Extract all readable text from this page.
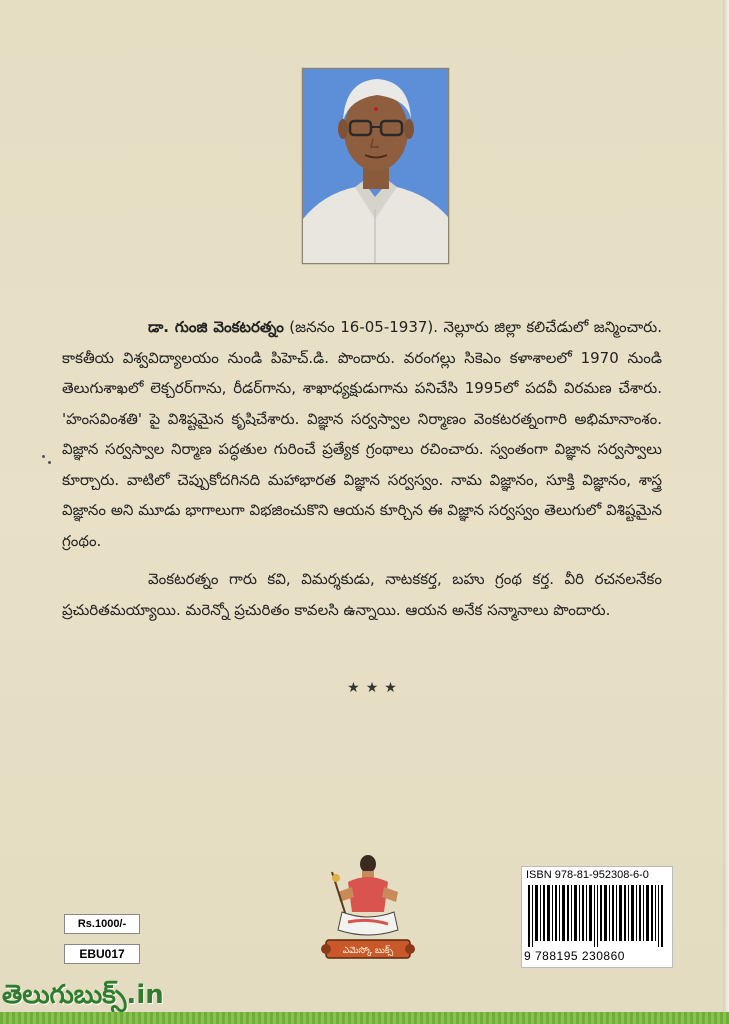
డా. గుంజి వెంకటరత్నం (జననం 16-05-1937). నెల్లూరు జిల్లా కలిచేడులో జన్మించారు. కాకతీయ విశ్వవిద్యాలయం నుండి పిహెచ్.డి. పొందారు. వరంగల్లు సికెఎం కళాశాలలో 1970 నుండి తెలుగుశాఖలో లెక్చరర్‌గాను, రీడర్‌గాను, శాఖాధ్యక్షుడుగాను పనిచేసి 1995లో పదవీ విరమణ చేశారు. 'హంసవింశతి' పై విశిష్టమైన కృషిచేశారు. విజ్ఞాన సర్వస్వాల నిర్మాణం వెంకటరత్నంగారి అభిమానాంశం. విజ్ఞాన సర్వస్వాల నిర్మాణ పద్ధతుల గురించే ప్రత్యేక గ్రంథాలు రచించారు. స్వంతంగా విజ్ఞాన సర్వస్వాలు కూర్చారు. వాటిలో చెప్పుకోదగినది మహాభారత విజ్ఞాన సర్వస్వం. నామ విజ్ఞానం, సూక్తి విజ్ఞానం, శాస్త్ర విజ్ఞానం అని మూడు భాగాలుగా విభజించుకొని ఆయన కూర్చిన ఈ విజ్ఞాన సర్వస్వం తెలుగులో విశిష్టమైన గ్రంథం.

వెంకటరత్నం గారు కవి, విమర్శకుడు, నాటకకర్త, బహు గ్రంథ కర్త. వీరి రచనలనేకం ప్రచురితమయ్యాయి. మరెన్నో ప్రచురితం కావలసి ఉన్నాయి. ఆయన అనేక సన్మానాలు పొందారు.

★★★
ఎమెస్కో బుక్స్
ISBN 978-81-952308-6-0
9 788195 230860
Rs.1000/-
EBU017
తెలుగుబుక్స్.in
